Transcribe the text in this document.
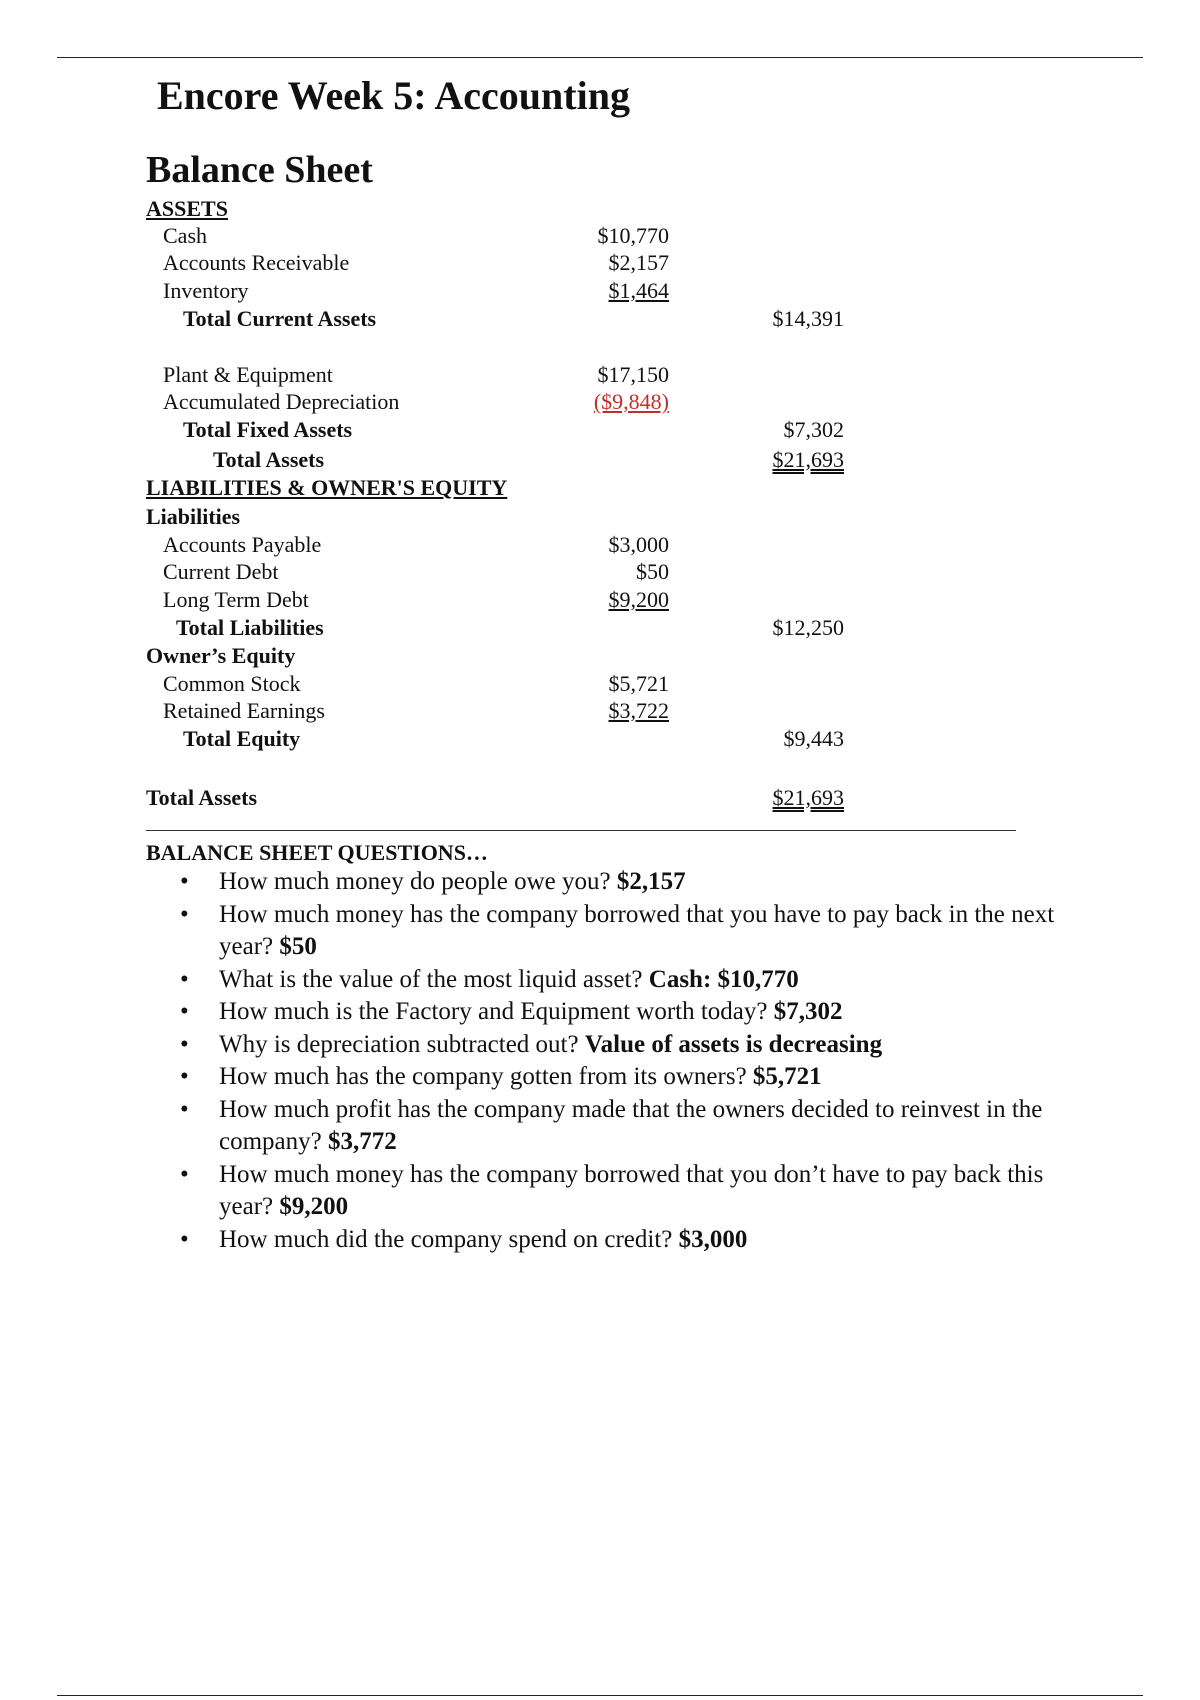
Encore Week 5: Accounting
Balance Sheet
ASSETS
Cash	$10,770
Accounts Receivable	$2,157
Inventory	$1,464
Total Current Assets	$14,391
Plant & Equipment	$17,150
Accumulated Depreciation	($9,848)
Total Fixed Assets	$7,302
Total Assets	$21,693
LIABILITIES & OWNER'S EQUITY
Liabilities
Accounts Payable	$3,000
Current Debt	$50
Long Term Debt	$9,200
Total Liabilities	$12,250
Owner’s Equity
Common Stock	$5,721
Retained Earnings	$3,722
Total Equity	$9,443
Total Assets	$21,693
BALANCE SHEET QUESTIONS…
• How much money do people owe you? $2,157
• How much money has the company borrowed that you have to pay back in the next year? $50
• What is the value of the most liquid asset? Cash: $10,770
• How much is the Factory and Equipment worth today? $7,302
• Why is depreciation subtracted out? Value of assets is decreasing
• How much has the company gotten from its owners? $5,721
• How much profit has the company made that the owners decided to reinvest in the company? $3,772
• How much money has the company borrowed that you don’t have to pay back this year? $9,200
• How much did the company spend on credit? $3,000
